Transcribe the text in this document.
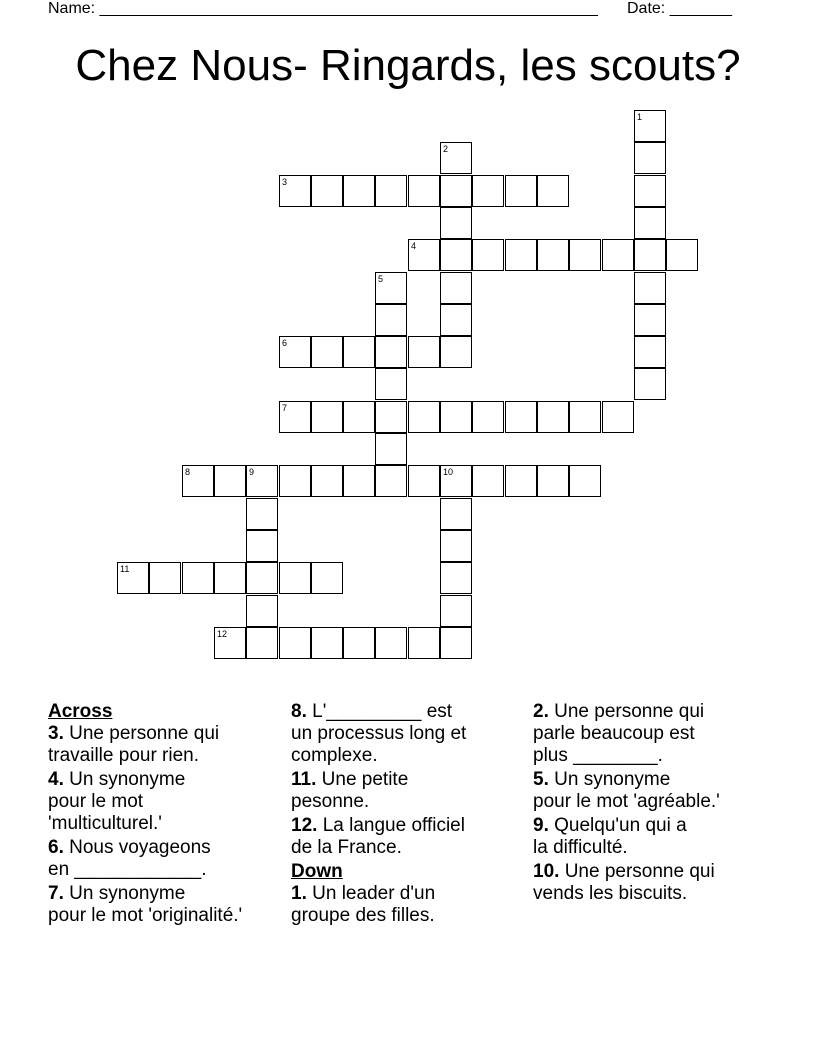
Name: ________________________________________________________ Date: _______
Chez Nous- Ringards, les scouts?
1
2
3
4
5
6
7
8	9	10
11
12
Across
3. Une personne qui
travaille pour rien.
4. Un synonyme
pour le mot
'multiculturel.'
6. Nous voyageons
en ____________.
7. Un synonyme
pour le mot 'originalité.'
8. L'_________ est
un processus long et
complexe.
11. Une petite
pesonne.
12. La langue officiel
de la France.
Down
1. Un leader d'un
groupe des filles.
2. Une personne qui
parle beaucoup est
plus ________.
5. Un synonyme
pour le mot 'agréable.'
9. Quelqu'un qui a
la difficulté.
10. Une personne qui
vends les biscuits.
